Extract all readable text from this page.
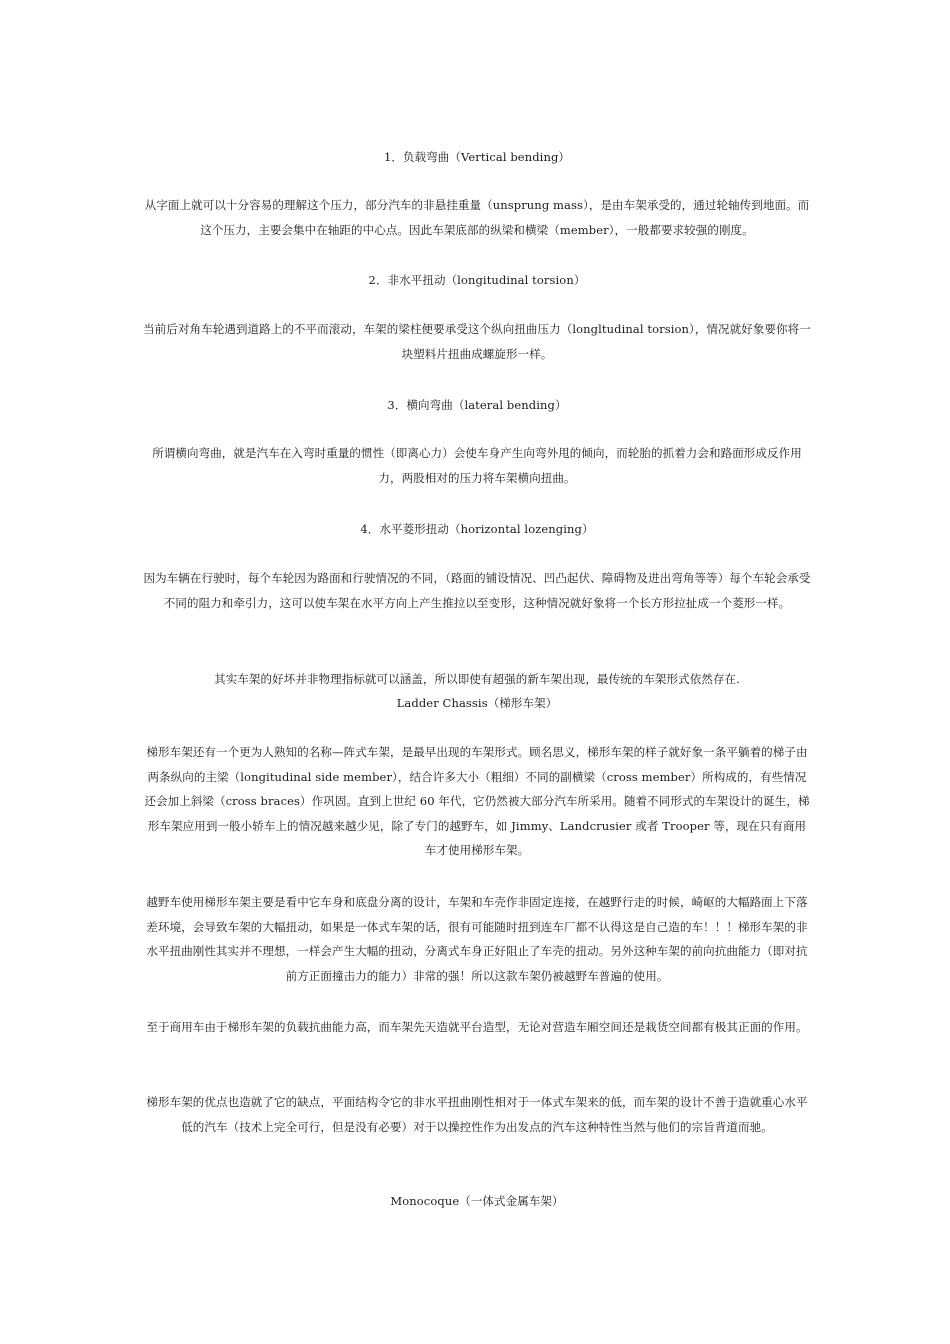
1．负载弯曲（Vertical bending）

从字面上就可以十分容易的理解这个压力，部分汽车的非悬挂重量（unsprung mass），是由车架承受的，通过轮轴传到地面。而这个压力，主要会集中在轴距的中心点。因此车架底部的纵梁和横梁（member），一般都要求较强的刚度。

2．非水平扭动（longitudinal torsion）

当前后对角车轮遇到道路上的不平而滚动，车架的梁柱便要承受这个纵向扭曲压力（longltudinal torsion），情况就好象要你将一块塑料片扭曲成螺旋形一样。

3．横向弯曲（lateral bending）

所谓横向弯曲，就是汽车在入弯时重量的惯性（即离心力）会使车身产生向弯外甩的倾向，而轮胎的抓着力会和路面形成反作用力，两股相对的压力将车架横向扭曲。

4．水平菱形扭动（horizontal lozenging）

因为车辆在行驶时，每个车轮因为路面和行驶情况的不同，（路面的铺设情况、凹凸起伏、障碍物及进出弯角等等）每个车轮会承受不同的阻力和牵引力，这可以使车架在水平方向上产生推拉以至变形，这种情况就好象将一个长方形拉扯成一个菱形一样。

其实车架的好坏并非物理指标就可以涵盖，所以即使有超强的新车架出现，最传统的车架形式依然存在.

Ladder Chassis（梯形车架）

梯形车架还有一个更为人熟知的名称—阵式车架，是最早出现的车架形式。顾名思义，梯形车架的样子就好象一条平躺着的梯子由两条纵向的主梁（longitudinal side member），结合许多大小（粗细）不同的副横梁（cross member）所构成的，有些情况还会加上斜梁（cross braces）作巩固。直到上世纪 60 年代，它仍然被大部分汽车所采用。随着不同形式的车架设计的诞生，梯形车架应用到一般小轿车上的情况越来越少见，除了专门的越野车，如 Jimmy、Landcrusier 或者 Trooper 等，现在只有商用车才使用梯形车架。

越野车使用梯形车架主要是看中它车身和底盘分离的设计，车架和车壳作非固定连接，在越野行走的时候，崎岖的大幅路面上下落差环境，会导致车架的大幅扭动，如果是一体式车架的话，很有可能随时扭到连车厂都不认得这是自己造的车！！！梯形车架的非水平扭曲刚性其实并不理想，一样会产生大幅的扭动，分离式车身正好阻止了车壳的扭动。另外这种车架的前向抗曲能力（即对抗前方正面撞击力的能力）非常的强！所以这款车架仍被越野车普遍的使用。

至于商用车由于梯形车架的负载抗曲能力高，而车架先天造就平台造型，无论对营造车厢空间还是栽货空间都有极其正面的作用。

梯形车架的优点也造就了它的缺点，平面结构令它的非水平扭曲刚性相对于一体式车架来的低，而车架的设计不善于造就重心水平低的汽车（技术上完全可行，但是没有必要）对于以操控性作为出发点的汽车这种特性当然与他们的宗旨背道而驰。

Monocoque（一体式金属车架）
